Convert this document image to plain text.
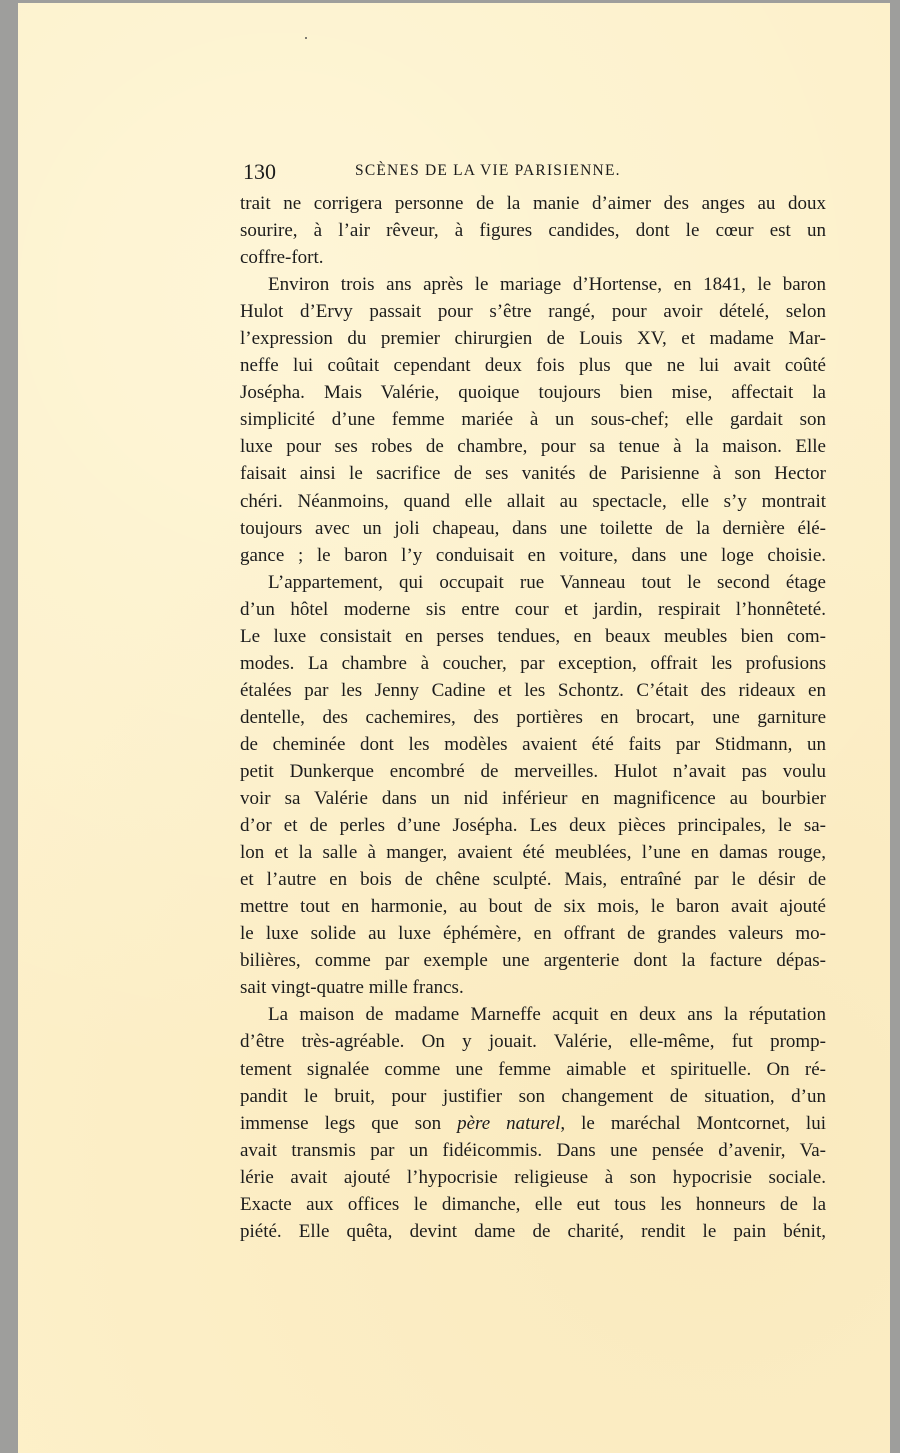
130	SCÈNES DE LA VIE PARISIENNE.
trait ne corrigera personne de la manie d’aimer des anges au doux
sourire, à l’air rêveur, à figures candides, dont le cœur est un
coffre-fort.
Environ trois ans après le mariage d’Hortense, en 1841, le baron
Hulot d’Ervy passait pour s’être rangé, pour avoir dételé, selon
l’expression du premier chirurgien de Louis XV, et madame Mar-
neffe lui coûtait cependant deux fois plus que ne lui avait coûté
Josépha. Mais Valérie, quoique toujours bien mise, affectait la
simplicité d’une femme mariée à un sous-chef; elle gardait son
luxe pour ses robes de chambre, pour sa tenue à la maison. Elle
faisait ainsi le sacrifice de ses vanités de Parisienne à son Hector
chéri. Néanmoins, quand elle allait au spectacle, elle s’y montrait
toujours avec un joli chapeau, dans une toilette de la dernière élé-
gance ; le baron l’y conduisait en voiture, dans une loge choisie.
L’appartement, qui occupait rue Vanneau tout le second étage
d’un hôtel moderne sis entre cour et jardin, respirait l’honnêteté.
Le luxe consistait en perses tendues, en beaux meubles bien com-
modes. La chambre à coucher, par exception, offrait les profusions
étalées par les Jenny Cadine et les Schontz. C’était des rideaux en
dentelle, des cachemires, des portières en brocart, une garniture
de cheminée dont les modèles avaient été faits par Stidmann, un
petit Dunkerque encombré de merveilles. Hulot n’avait pas voulu
voir sa Valérie dans un nid inférieur en magnificence au bourbier
d’or et de perles d’une Josépha. Les deux pièces principales, le sa-
lon et la salle à manger, avaient été meublées, l’une en damas rouge,
et l’autre en bois de chêne sculpté. Mais, entraîné par le désir de
mettre tout en harmonie, au bout de six mois, le baron avait ajouté
le luxe solide au luxe éphémère, en offrant de grandes valeurs mo-
bilières, comme par exemple une argenterie dont la facture dépas-
sait vingt-quatre mille francs.
La maison de madame Marneffe acquit en deux ans la réputation
d’être très-agréable. On y jouait. Valérie, elle-même, fut promp-
tement signalée comme une femme aimable et spirituelle. On ré-
pandit le bruit, pour justifier son changement de situation, d’un
immense legs que son père naturel, le maréchal Montcornet, lui
avait transmis par un fidéicommis. Dans une pensée d’avenir, Va-
lérie avait ajouté l’hypocrisie religieuse à son hypocrisie sociale.
Exacte aux offices le dimanche, elle eut tous les honneurs de la
piété. Elle quêta, devint dame de charité, rendit le pain bénit,
